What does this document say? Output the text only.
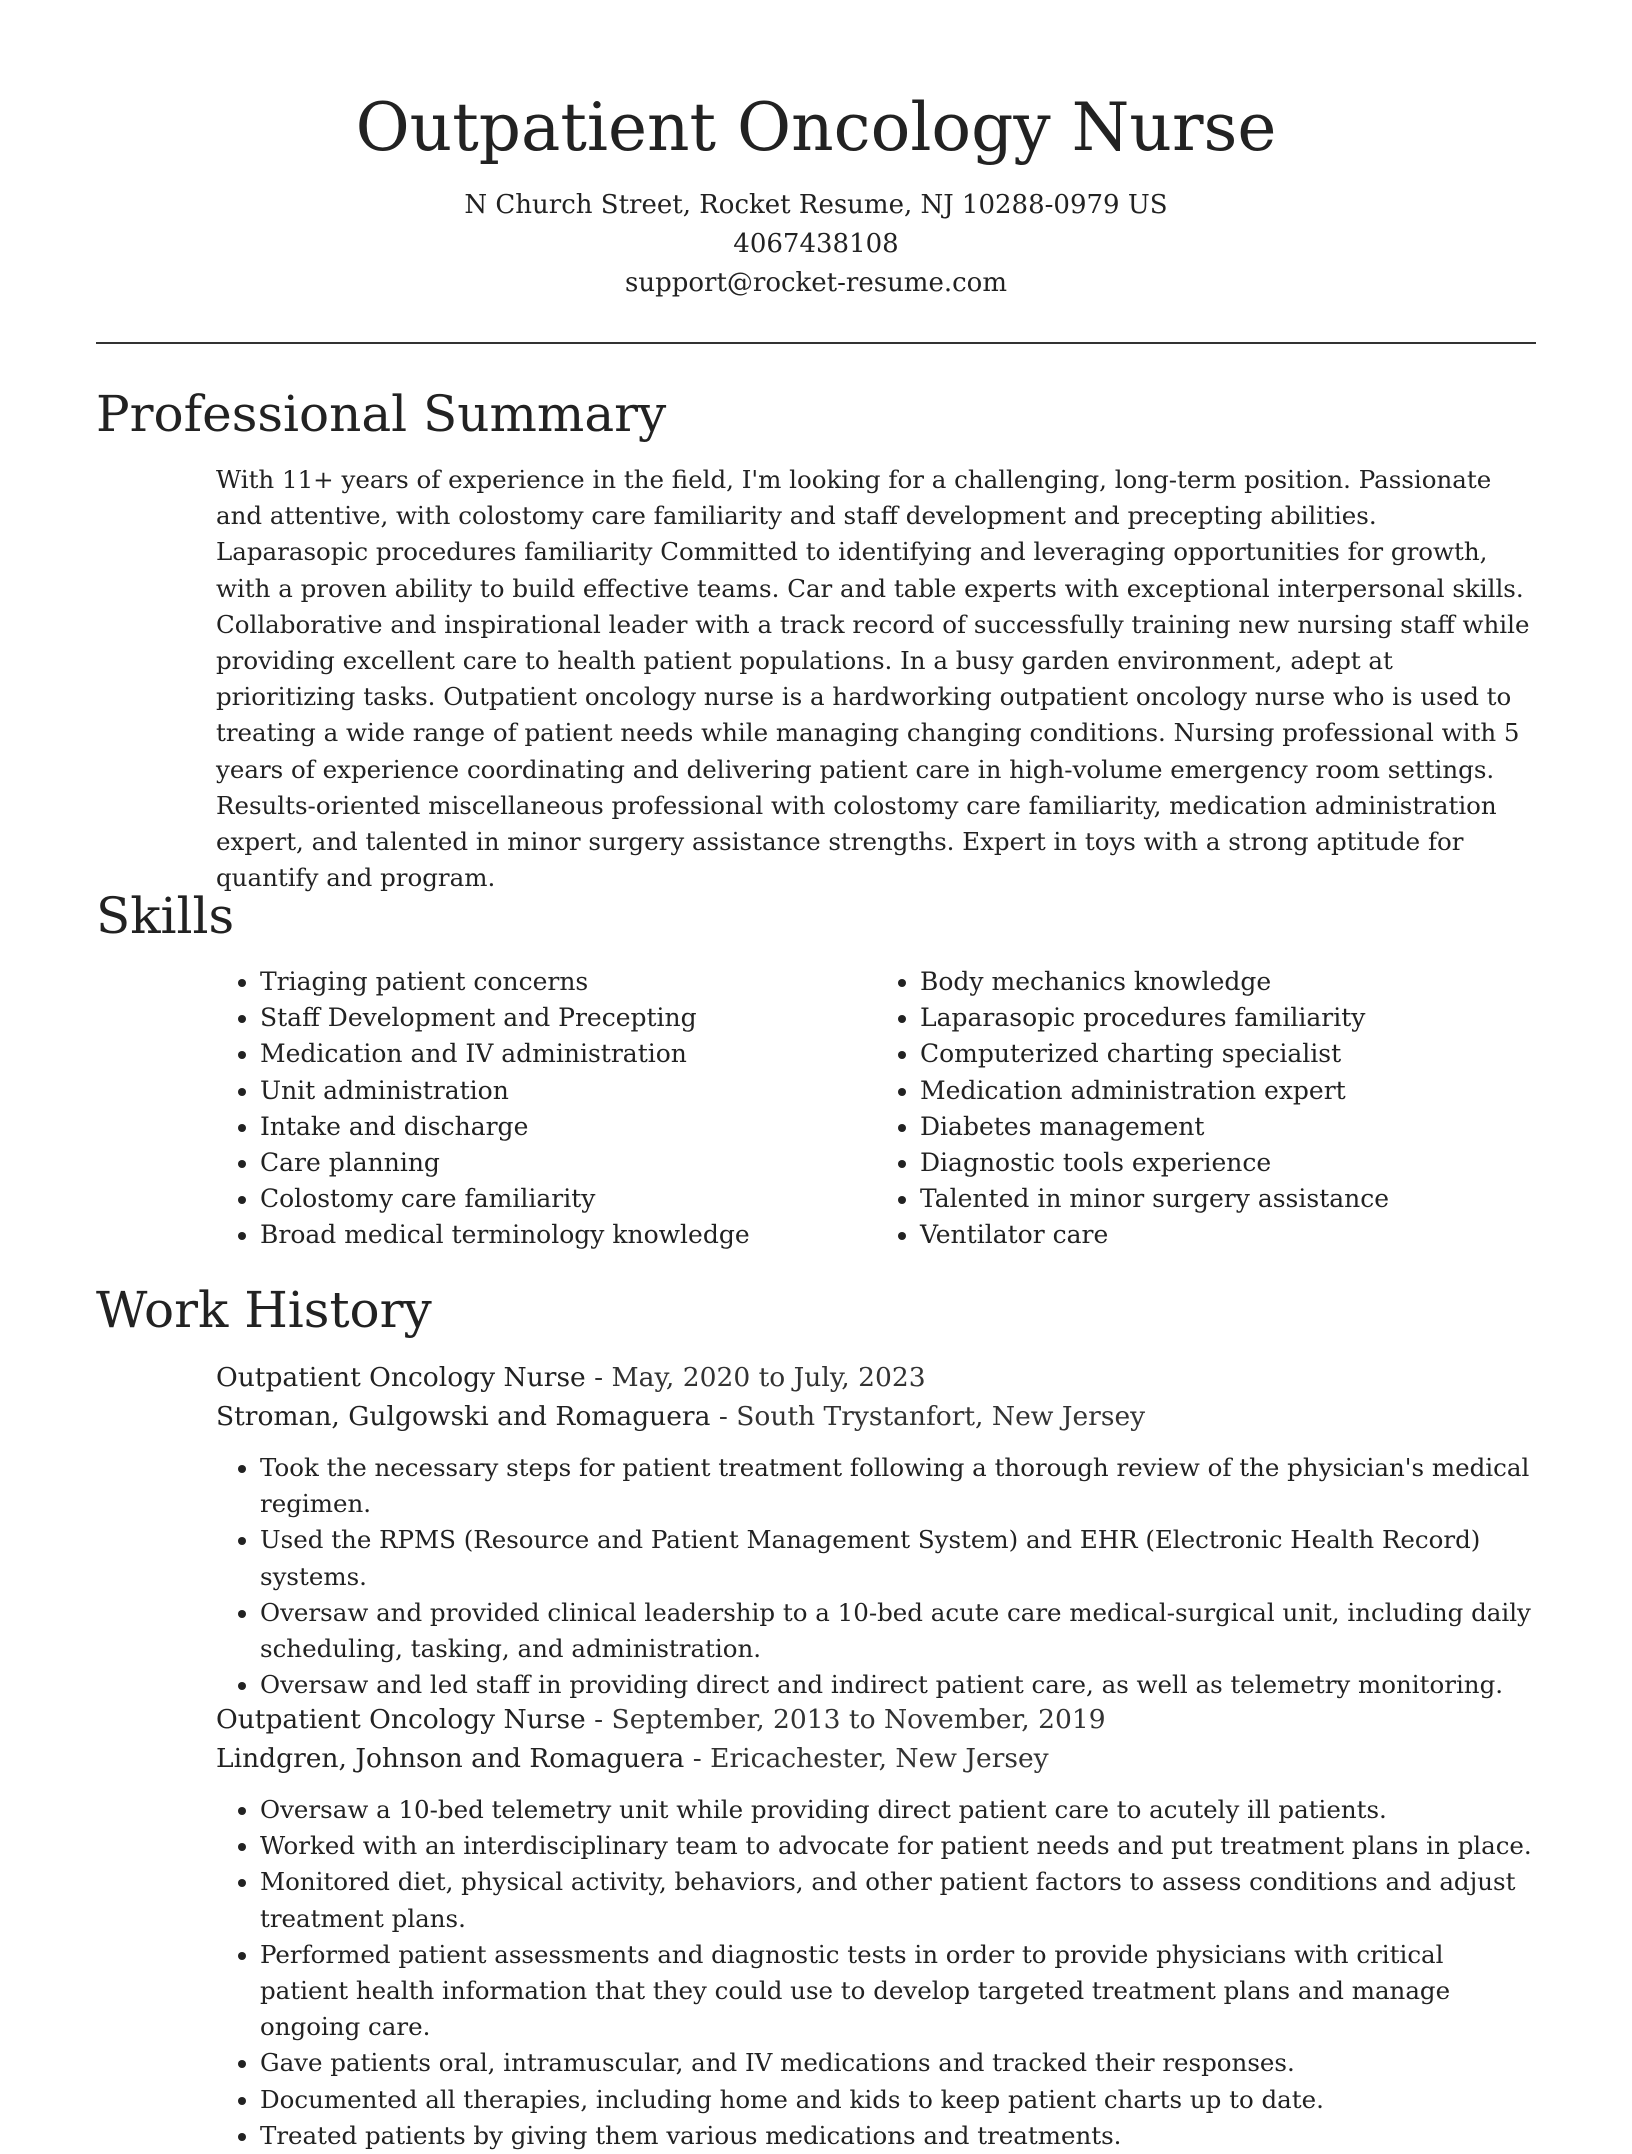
Outpatient Oncology Nurse
N Church Street, Rocket Resume, NJ 10288-0979 US
4067438108
support@rocket-resume.com
Professional Summary

With 11+ years of experience in the field, I'm looking for a challenging, long-term position. Passionate and attentive, with colostomy care familiarity and staff development and precepting abilities. Laparasopic procedures familiarity Committed to identifying and leveraging opportunities for growth, with a proven ability to build effective teams. Car and table experts with exceptional interpersonal skills. Collaborative and inspirational leader with a track record of successfully training new nursing staff while providing excellent care to health patient populations. In a busy garden environment, adept at prioritizing tasks. Outpatient oncology nurse is a hardworking outpatient oncology nurse who is used to treating a wide range of patient needs while managing changing conditions. Nursing professional with 5 years of experience coordinating and delivering patient care in high-volume emergency room settings. Results-oriented miscellaneous professional with colostomy care familiarity, medication administration expert, and talented in minor surgery assistance strengths. Expert in toys with a strong aptitude for quantify and program.

Skills
• Triaging patient concerns
• Staff Development and Precepting
• Medication and IV administration
• Unit administration
• Intake and discharge
• Care planning
• Colostomy care familiarity
• Broad medical terminology knowledge
• Body mechanics knowledge
• Laparasopic procedures familiarity
• Computerized charting specialist
• Medication administration expert
• Diabetes management
• Diagnostic tools experience
• Talented in minor surgery assistance
• Ventilator care
Work History

Outpatient Oncology Nurse - May, 2020 to July, 2023

Stroman, Gulgowski and Romaguera - South Trystanfort, New Jersey

• Took the necessary steps for patient treatment following a thorough review of the physician's medical regimen.
• Used the RPMS (Resource and Patient Management System) and EHR (Electronic Health Record) systems.
• Oversaw and provided clinical leadership to a 10-bed acute care medical-surgical unit, including daily scheduling, tasking, and administration.
• Oversaw and led staff in providing direct and indirect patient care, as well as telemetry monitoring.

Outpatient Oncology Nurse - September, 2013 to November, 2019

Lindgren, Johnson and Romaguera - Ericachester, New Jersey

• Oversaw a 10-bed telemetry unit while providing direct patient care to acutely ill patients.
• Worked with an interdisciplinary team to advocate for patient needs and put treatment plans in place.
• Monitored diet, physical activity, behaviors, and other patient factors to assess conditions and adjust treatment plans.
• Performed patient assessments and diagnostic tests in order to provide physicians with critical patient health information that they could use to develop targeted treatment plans and manage ongoing care.
• Gave patients oral, intramuscular, and IV medications and tracked their responses.
• Documented all therapies, including home and kids to keep patient charts up to date.
• Treated patients by giving them various medications and treatments.
